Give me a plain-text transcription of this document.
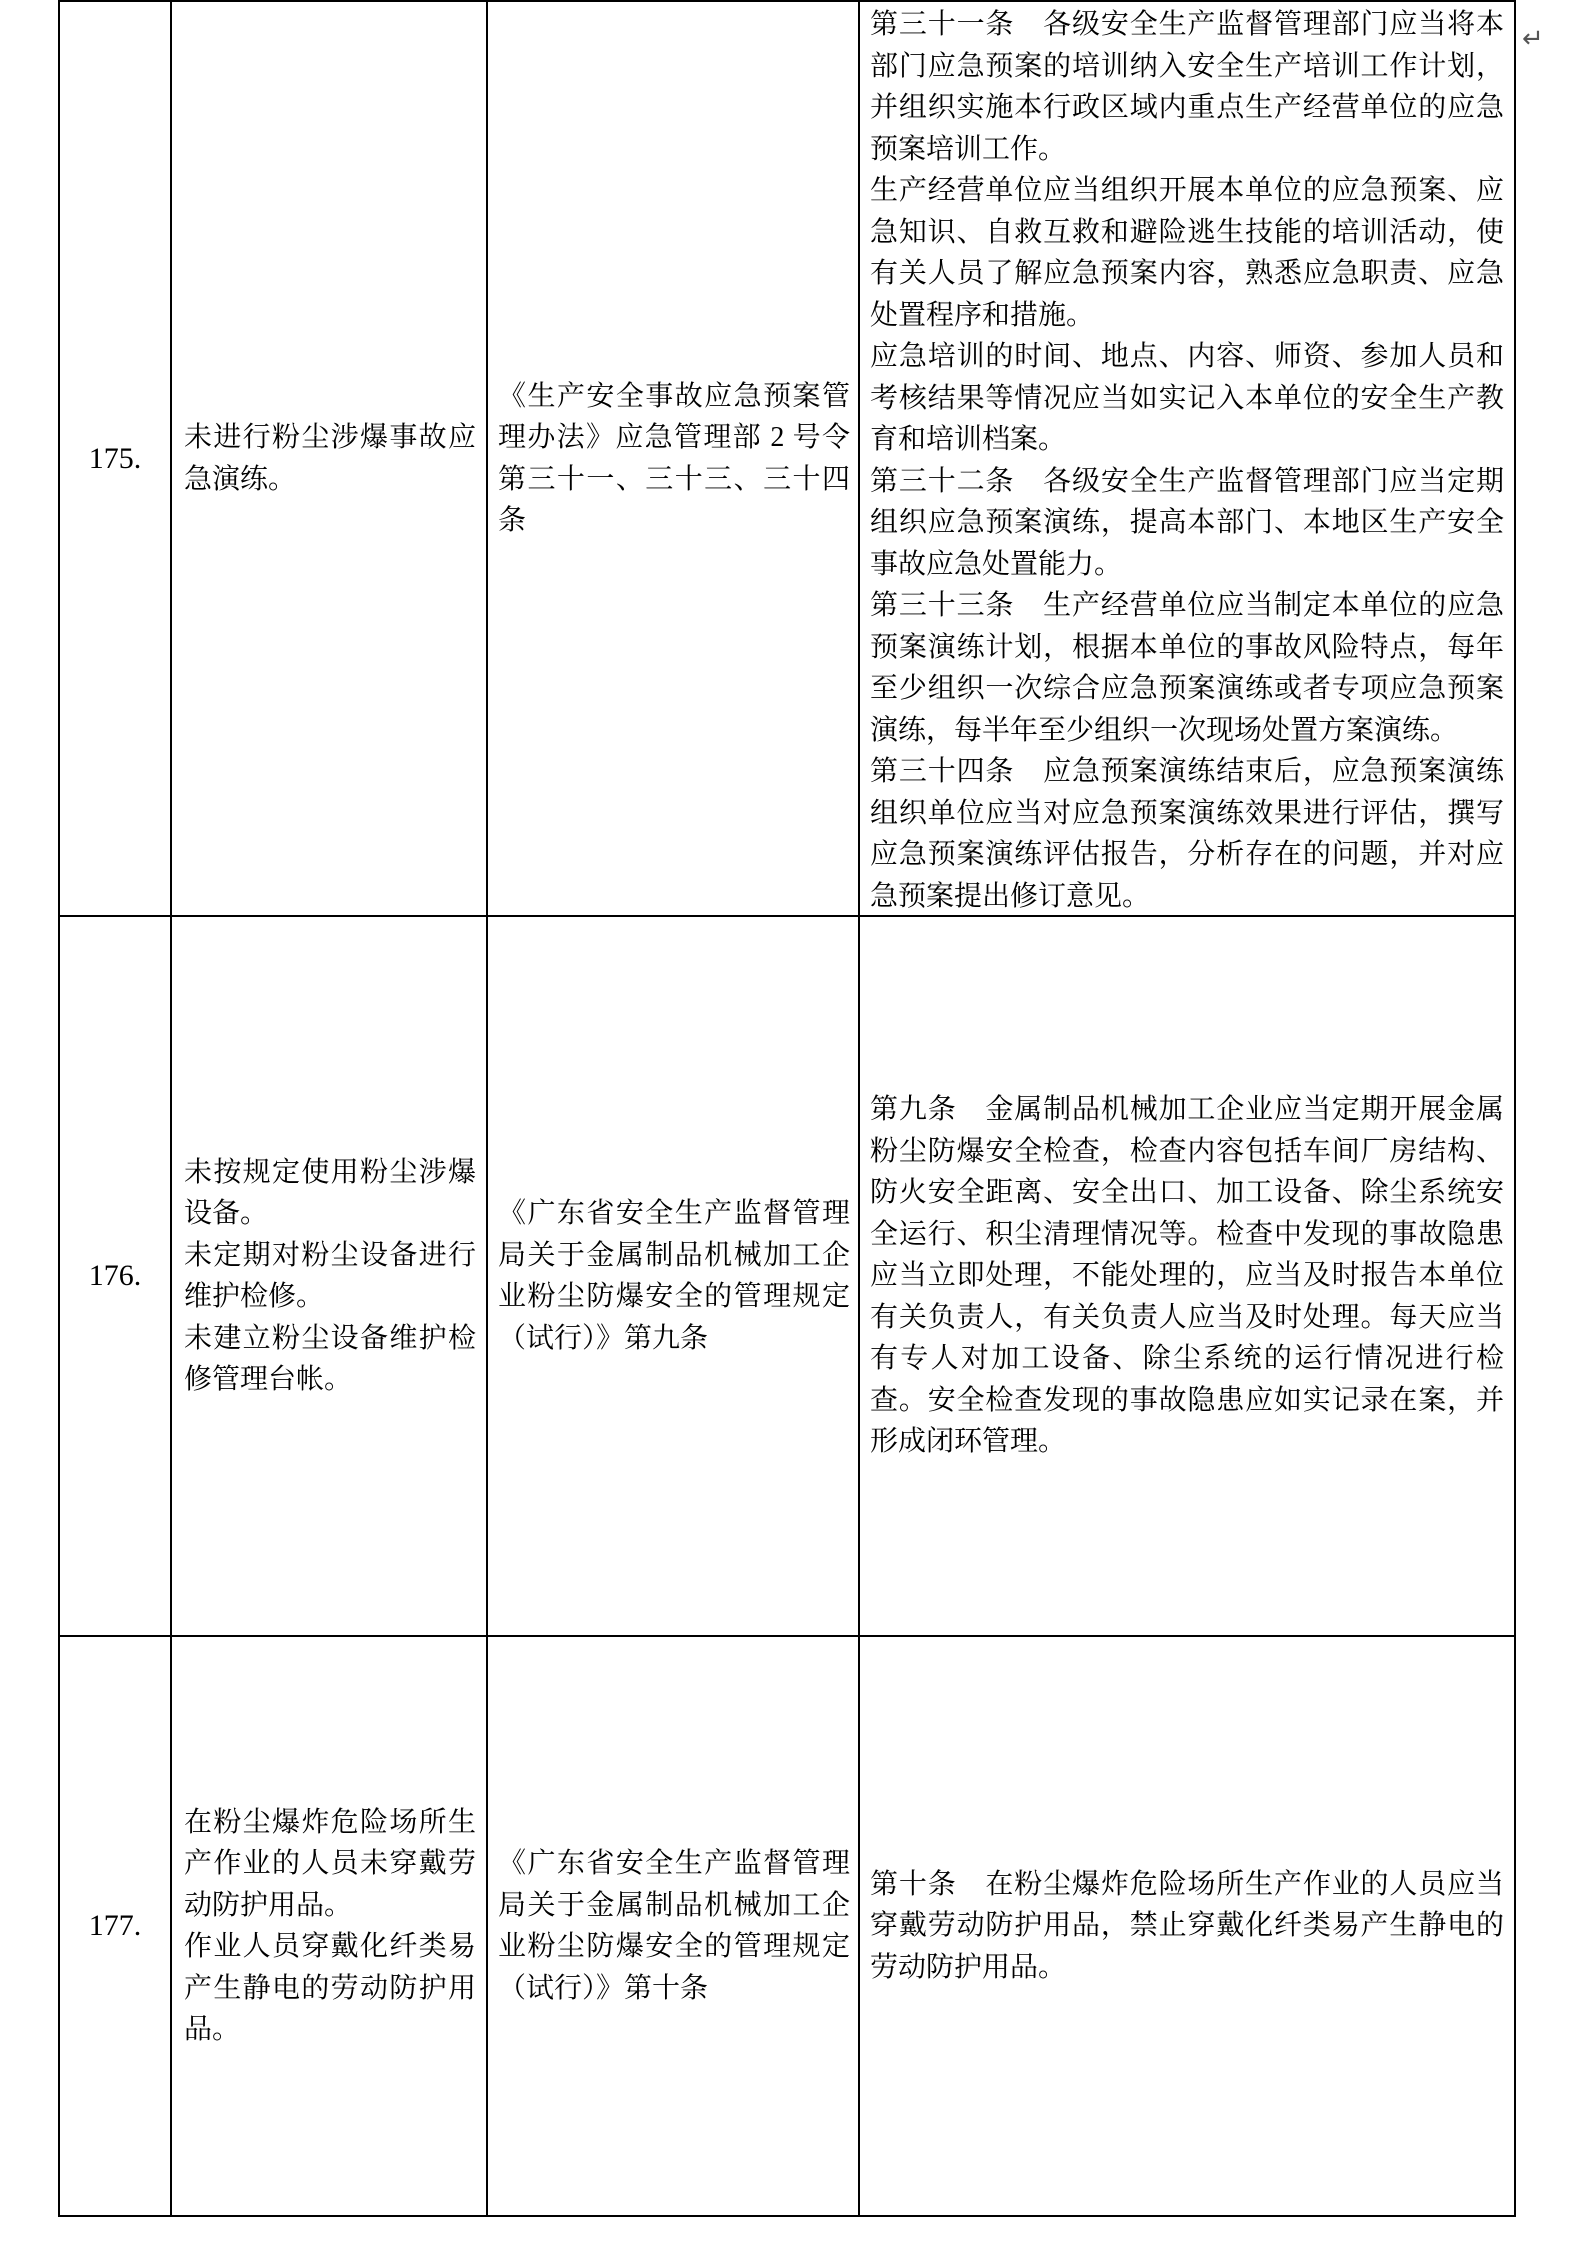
175.

未进行粉尘涉爆事故应急演练。

《生产安全事故应急预案管理办法》应急管理部 2 号令第三十一、三十三、三十四条

第三十一条　各级安全生产监督管理部门应当将本部门应急预案的培训纳入安全生产培训工作计划，并组织实施本行政区域内重点生产经营单位的应急预案培训工作。

生产经营单位应当组织开展本单位的应急预案、应急知识、自救互救和避险逃生技能的培训活动，使有关人员了解应急预案内容，熟悉应急职责、应急处置程序和措施。

应急培训的时间、地点、内容、师资、参加人员和考核结果等情况应当如实记入本单位的安全生产教育和培训档案。

第三十二条　各级安全生产监督管理部门应当定期组织应急预案演练，提高本部门、本地区生产安全事故应急处置能力。

第三十三条　生产经营单位应当制定本单位的应急预案演练计划，根据本单位的事故风险特点，每年至少组织一次综合应急预案演练或者专项应急预案演练，每半年至少组织一次现场处置方案演练。

第三十四条　应急预案演练结束后，应急预案演练组织单位应当对应急预案演练效果进行评估，撰写应急预案演练评估报告，分析存在的问题，并对应急预案提出修订意见。

176.

未按规定使用粉尘涉爆设备。

未定期对粉尘设备进行维护检修。

未建立粉尘设备维护检修管理台帐。

《广东省安全生产监督管理局关于金属制品机械加工企业粉尘防爆安全的管理规定（试行）》第九条

第九条　金属制品机械加工企业应当定期开展金属粉尘防爆安全检查，检查内容包括车间厂房结构、防火安全距离、安全出口、加工设备、除尘系统安全运行、积尘清理情况等。检查中发现的事故隐患应当立即处理，不能处理的，应当及时报告本单位有关负责人，有关负责人应当及时处理。每天应当有专人对加工设备、除尘系统的运行情况进行检查。安全检查发现的事故隐患应如实记录在案，并形成闭环管理。

177.

在粉尘爆炸危险场所生产作业的人员未穿戴劳动防护用品。

作业人员穿戴化纤类易产生静电的劳动防护用品。

《广东省安全生产监督管理局关于金属制品机械加工企业粉尘防爆安全的管理规定（试行）》第十条

第十条　在粉尘爆炸危险场所生产作业的人员应当穿戴劳动防护用品，禁止穿戴化纤类易产生静电的劳动防护用品。

↵
